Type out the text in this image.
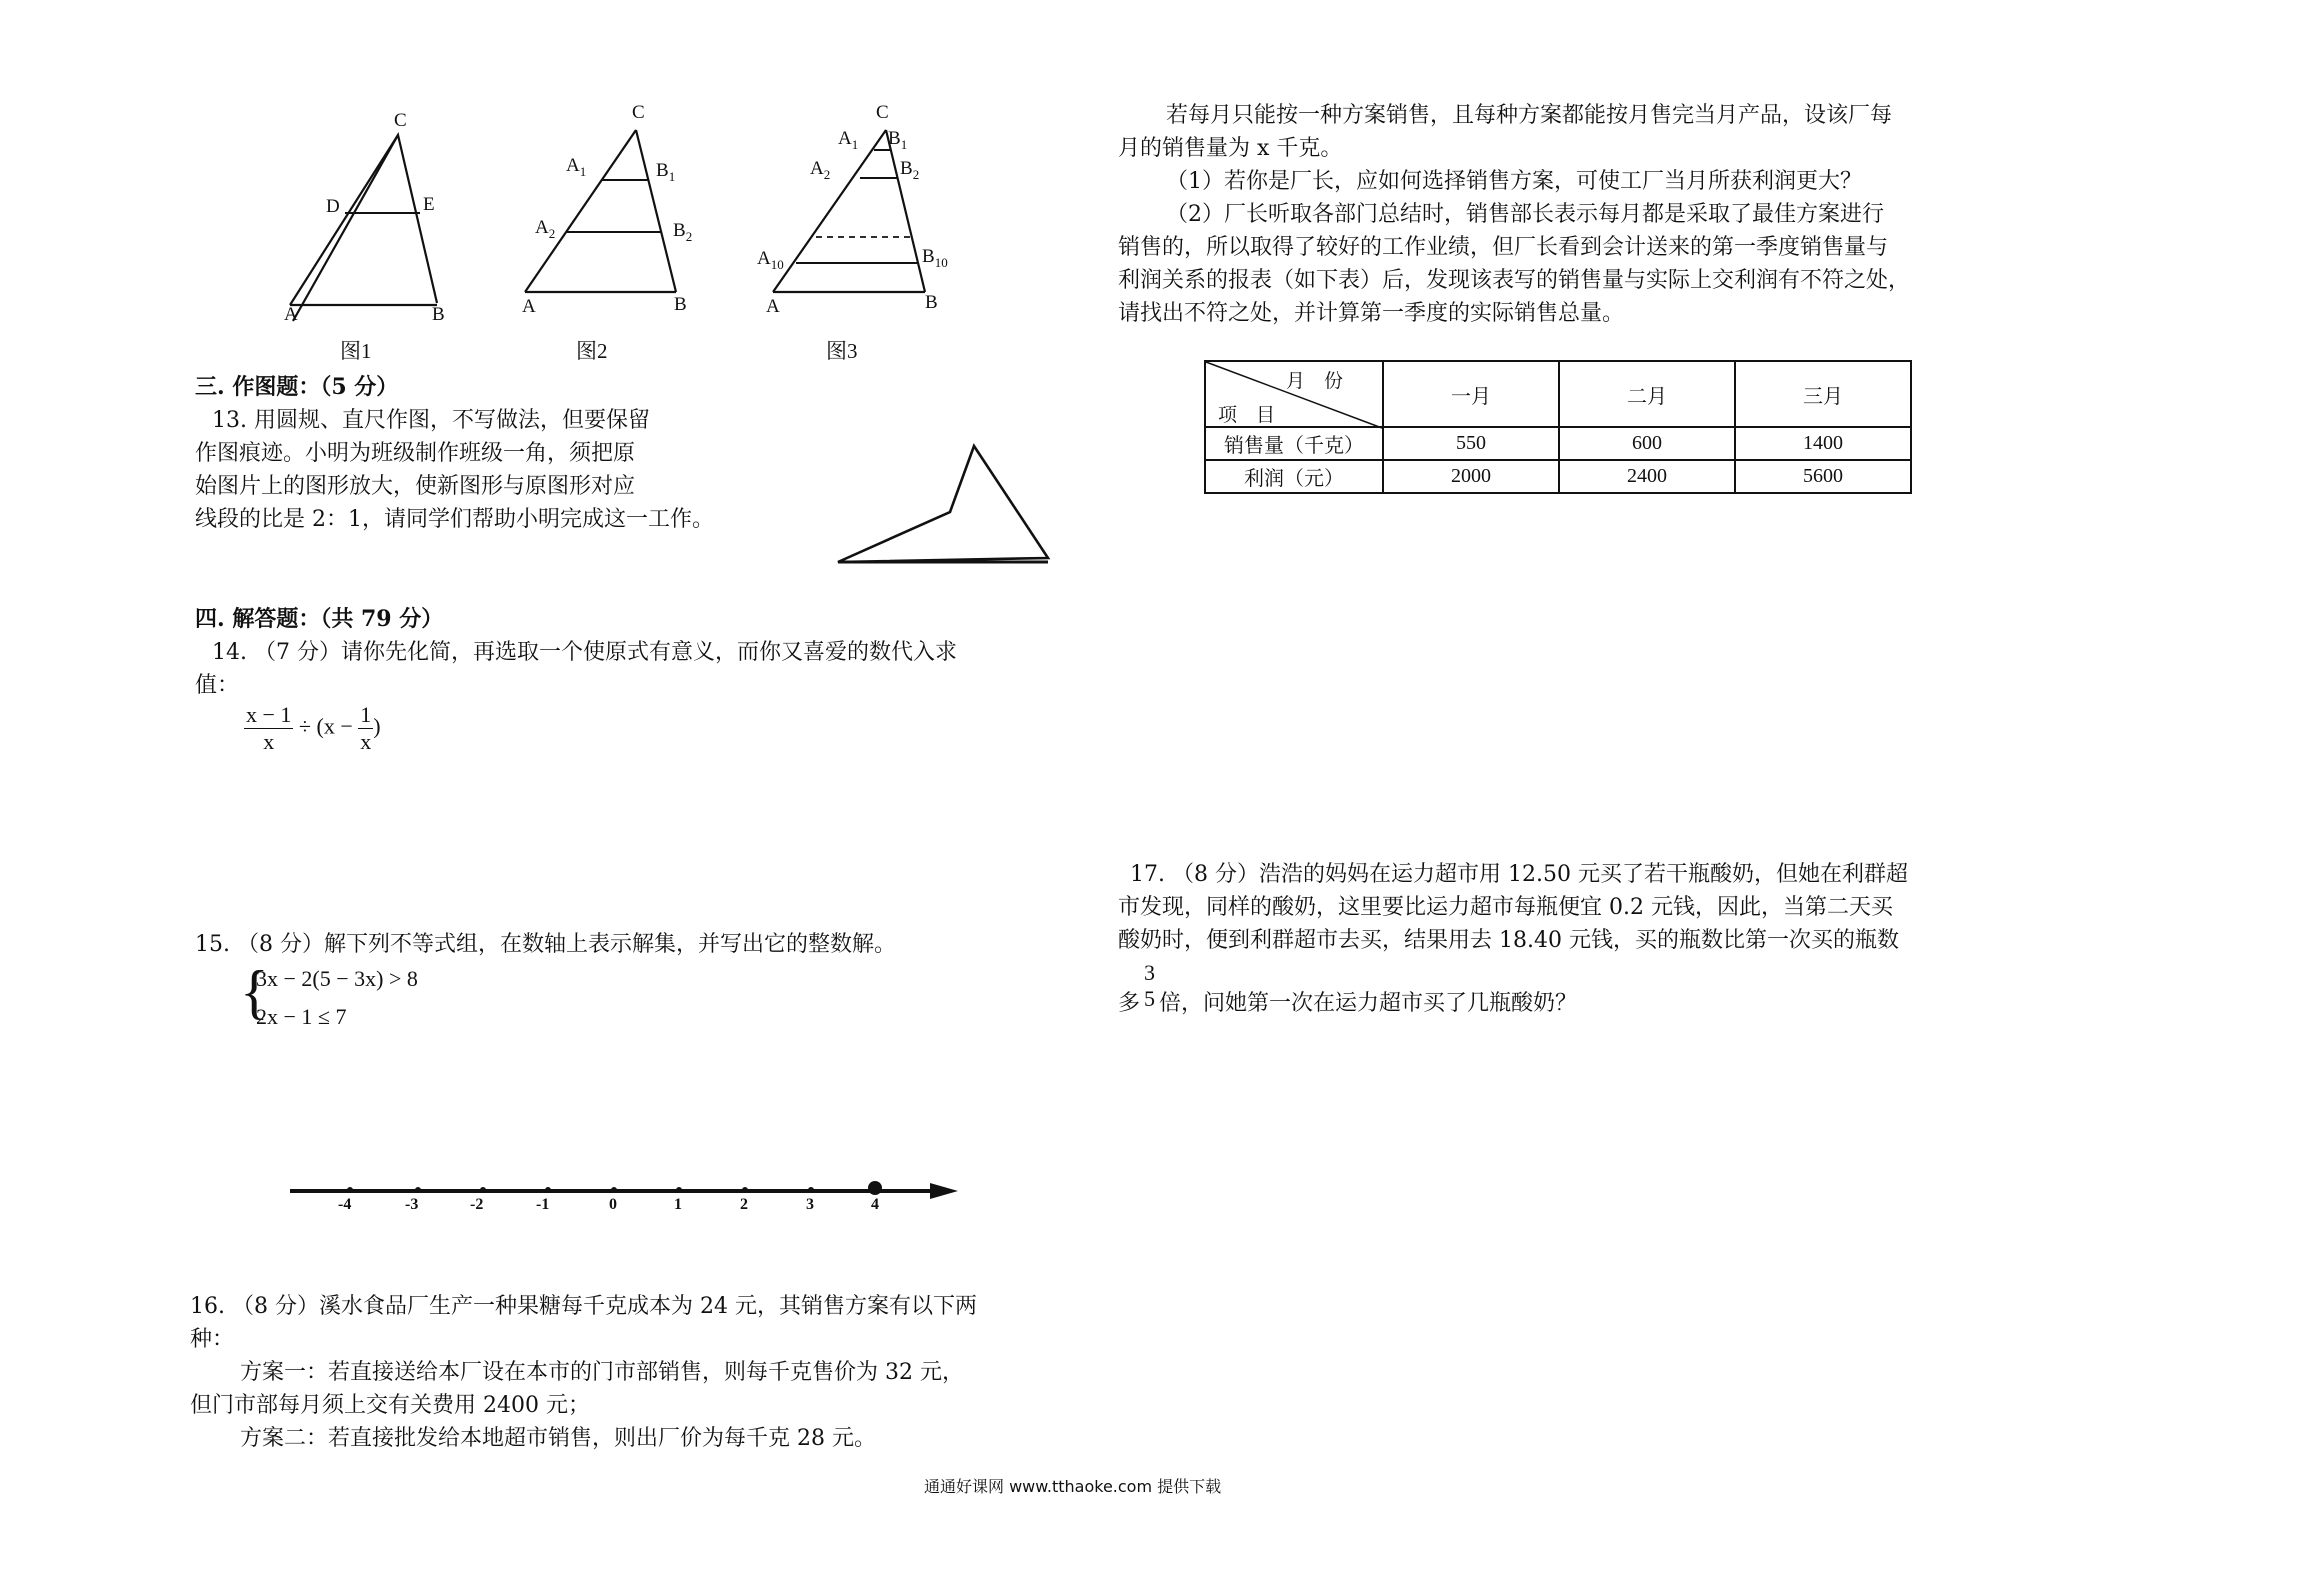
C
D	E
A	B
图1
C
$A_1$	$B_1$
$A_2$	$B_2$
A	B
图2
C
$A_1$ $B_1$
$A_2$	$B_2$
$A_{10}$	$B_{10}$
A	B
图3
三. 作图题：（5 分）
13. 用圆规、直尺作图，不写做法，但要保留
作图痕迹。小明为班级制作班级一角，须把原
始图片上的图形放大，使新图形与原图形对应
线段的比是 2：1，请同学们帮助小明完成这一工作。
四. 解答题：（共 79 分）
14. （7 分）请你先化简，再选取一个使原式有意义，而你又喜爱的数代入求
值：
$\frac{x - 1}{x} \div (x - \frac{1}{x}$ )
15. （8 分）解下列不等式组，在数轴上表示解集，并写出它的整数解。
{
3x − 2(5 − 3x) > 8
2x − 1 ≤ 7
-4	-3	-2	-1	0	1	2	3	4
16. （8 分）溪水食品厂生产一种果糖每千克成本为 24 元，其销售方案有以下两
种：
方案一：若直接送给本厂设在本市的门市部销售，则每千克售价为 32 元，
但门市部每月须上交有关费用 2400 元；
方案二：若直接批发给本地超市销售，则出厂价为每千克 28 元。
若每月只能按一种方案销售，且每种方案都能按月售完当月产品，设该厂每
月的销售量为 x 千克。
（1）若你是厂长，应如何选择销售方案，可使工厂当月所获利润更大？
（2）厂长听取各部门总结时，销售部长表示每月都是采取了最佳方案进行
销售的，所以取得了较好的工作业绩，但厂长看到会计送来的第一季度销售量与
利润关系的报表（如下表）后，发现该表写的销售量与实际上交利润有不符之处，
请找出不符之处，并计算第一季度的实际销售总量。
月　份
项　目	一月	二月	三月
销售量（千克）	550	600	1400
利润（元）	2000	2400	5600
17. （8 分）浩浩的妈妈在运力超市用 12.50 元买了若干瓶酸奶，但她在利群超
市发现，同样的酸奶，这里要比运力超市每瓶便宜 0.2 元钱，因此，当第二天买
酸奶时，便到利群超市去买，结果用去 18.40 元钱，买的瓶数比第一次买的瓶数
多
3
5 倍，问她第一次在运力超市买了几瓶酸奶？
通通好课网 www.tthaoke.com 提供下载
